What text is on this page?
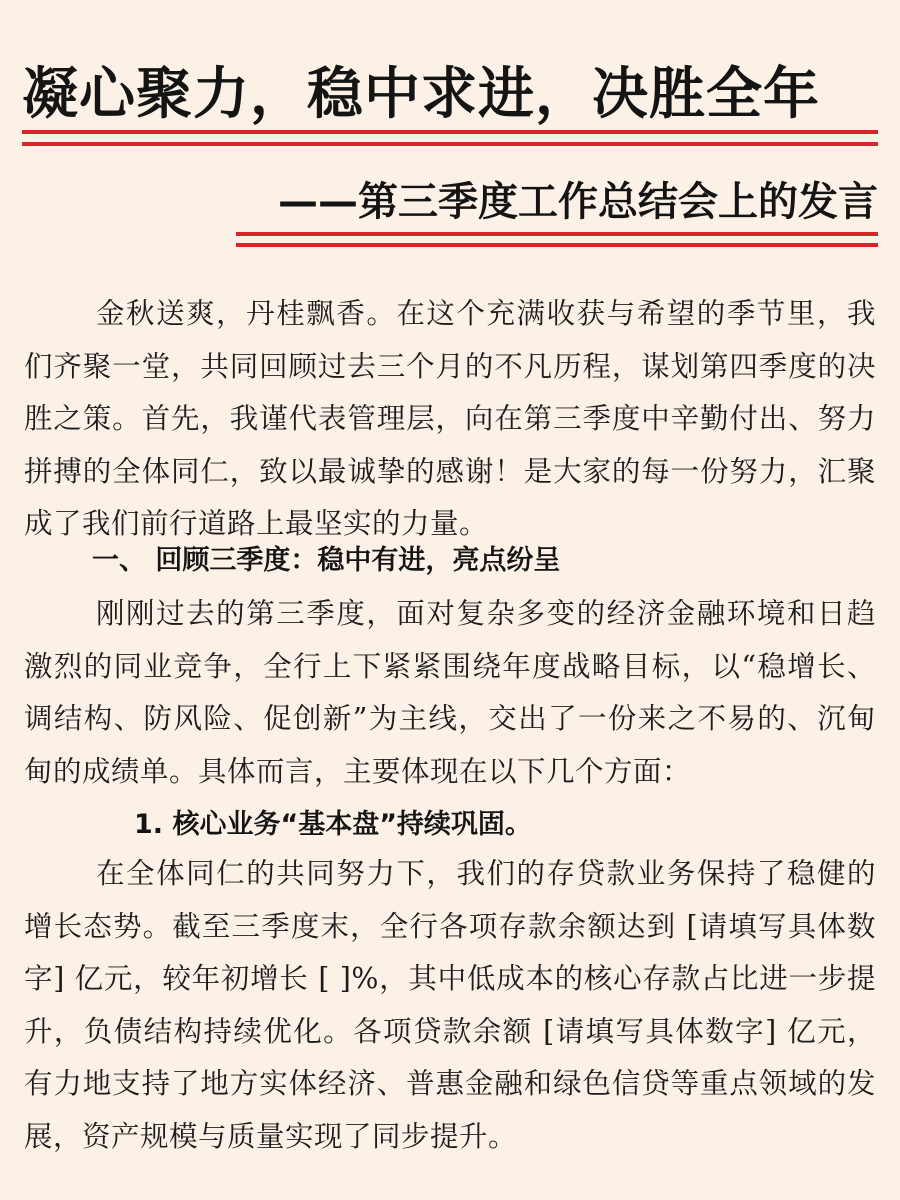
凝心聚力，稳中求进，决胜全年
——第三季度工作总结会上的发言

金秋送爽，丹桂飘香。在这个充满收获与希望的季节里，我们齐聚一堂，共同回顾过去三个月的不凡历程，谋划第四季度的决胜之策。首先，我谨代表管理层，向在第三季度中辛勤付出、努力拼搏的全体同仁，致以最诚挚的感谢！是大家的每一份努力，汇聚成了我们前行道路上最坚实的力量。

一、 回顾三季度：稳中有进，亮点纷呈

刚刚过去的第三季度，面对复杂多变的经济金融环境和日趋激烈的同业竞争，全行上下紧紧围绕年度战略目标，以“稳增长、调结构、防风险、促创新”为主线，交出了一份来之不易的、沉甸甸的成绩单。具体而言，主要体现在以下几个方面：

1. 核心业务“基本盘”持续巩固。

在全体同仁的共同努力下，我们的存贷款业务保持了稳健的增长态势。截至三季度末，全行各项存款余额达到 [请填写具体数字] 亿元，较年初增长 [ ]%，其中低成本的核心存款占比进一步提升，负债结构持续优化。各项贷款余额 [请填写具体数字] 亿元，有力地支持了地方实体经济、普惠金融和绿色信贷等重点领域的发展，资产规模与质量实现了同步提升。
